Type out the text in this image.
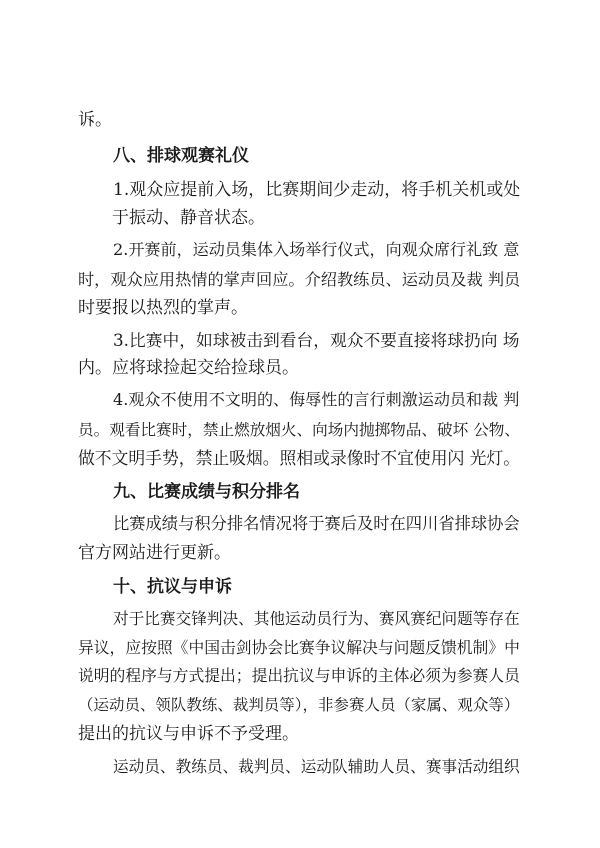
诉。
八、排球观赛礼仪
1.观众应提前入场，比赛期间少走动，将手机关机或处
于振动、静音状态。
2.开赛前，运动员集体入场举行仪式，向观众席行礼致 意
时，观众应用热情的掌声回应。介绍教练员、运动员及裁 判员
时要报以热烈的掌声。
3.比赛中，如球被击到看台，观众不要直接将球扔向 场
内。应将球捡起交给捡球员。
4.观众不使用不文明的、侮辱性的言行刺激运动员和裁 判
员。观看比赛时，禁止燃放烟火、向场内抛掷物品、破坏 公物、
做不文明手势，禁止吸烟。照相或录像时不宜使用闪 光灯。
九、比赛成绩与积分排名
比赛成绩与积分排名情况将于赛后及时在四川省排球协会
官方网站进行更新。
十、抗议与申诉
对于比赛交锋判决、其他运动员行为、赛风赛纪问题等存在
异议，应按照《中国击剑协会比赛争议解决与问题反馈机制》中
说明的程序与方式提出；提出抗议与申诉的主体必须为参赛人员
（运动员、领队教练、裁判员等），非参赛人员（家属、观众等）
提出的抗议与申诉不予受理。
运动员、教练员、裁判员、运动队辅助人员、赛事活动组织
